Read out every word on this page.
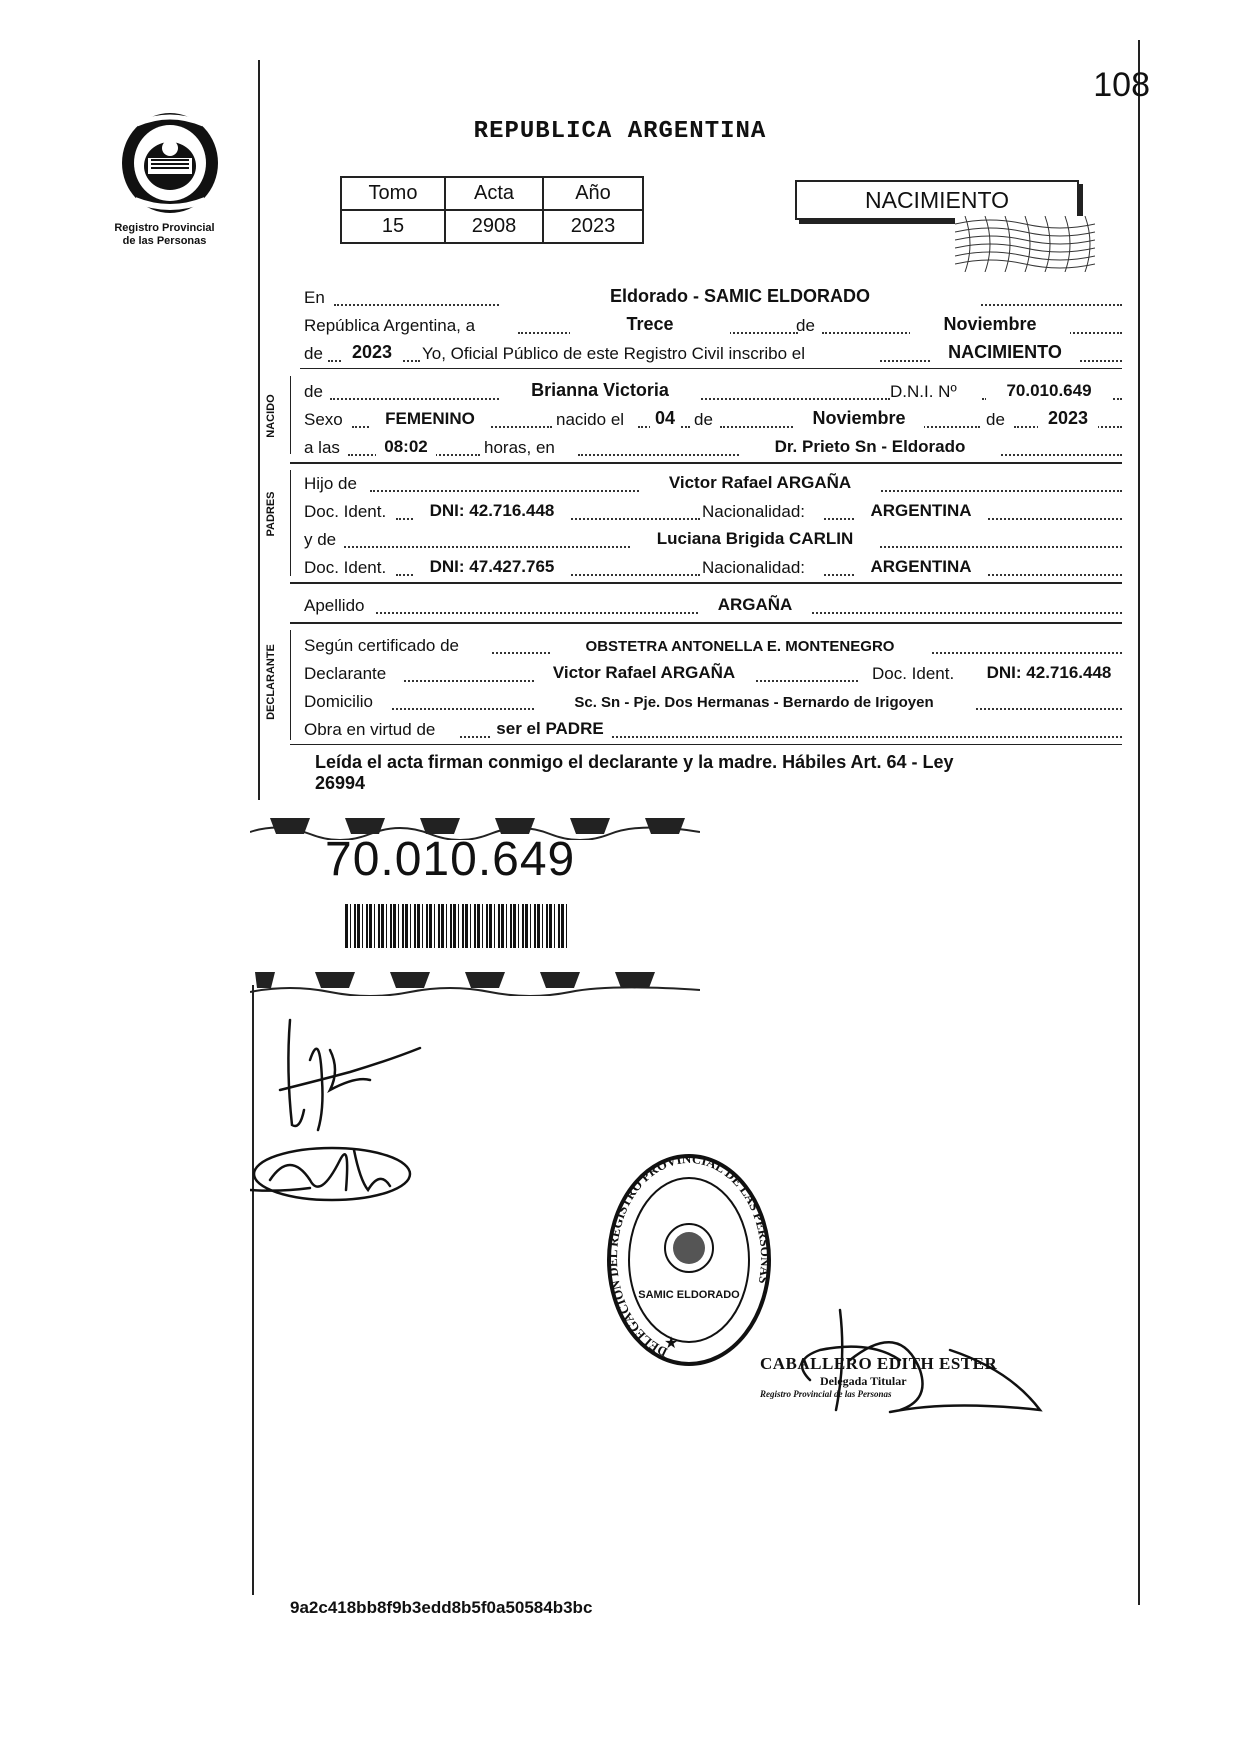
108
Registro Provincial
de las Personas
REPUBLICA ARGENTINA
Tomo	Acta	Año
15	2908	2023
NACIMIENTO
En	Eldorado - SAMIC ELDORADO
República Argentina, a	Trece	de	Noviembre
de	2023	Yo, Oficial Público de este Registro Civil inscribo el	NACIMIENTO
NACIDO
de	Brianna Victoria	D.N.I. Nº	70.010.649
Sexo	FEMENINO	nacido el 04 de	Noviembre	de	2023
a las	08:02	horas, en	Dr. Prieto Sn - Eldorado
PADRES
Hijo de	Victor Rafael ARGAÑA
Doc. Ident.	DNI: 42.716.448	Nacionalidad:	ARGENTINA
y de	Luciana Brigida CARLIN
Doc. Ident.	DNI: 47.427.765	Nacionalidad:	ARGENTINA
Apellido	ARGAÑA
DECLARANTE Según certificado de	OBSTETRA ANTONELLA E. MONTENEGRO
Declarante	Victor Rafael ARGAÑA	Doc. Ident.	DNI: 42.716.448
Domicilio	Sc. Sn - Pje. Dos Hermanas - Bernardo de Irigoyen
Obra en virtud de	ser el PADRE
Leída el acta firman conmigo el declarante y la madre. Hábiles Art. 64 - Ley
26994
70.010.649
DELEGACION DEL REGISTRO PROVINCIAL DE LAS PERSONAS
SAMIC ELDORADO
★
CABALLERO EDITH ESTER
Delegada Titular
Registro Provincial de las Personas
9a2c418bb8f9b3edd8b5f0a50584b3bc
